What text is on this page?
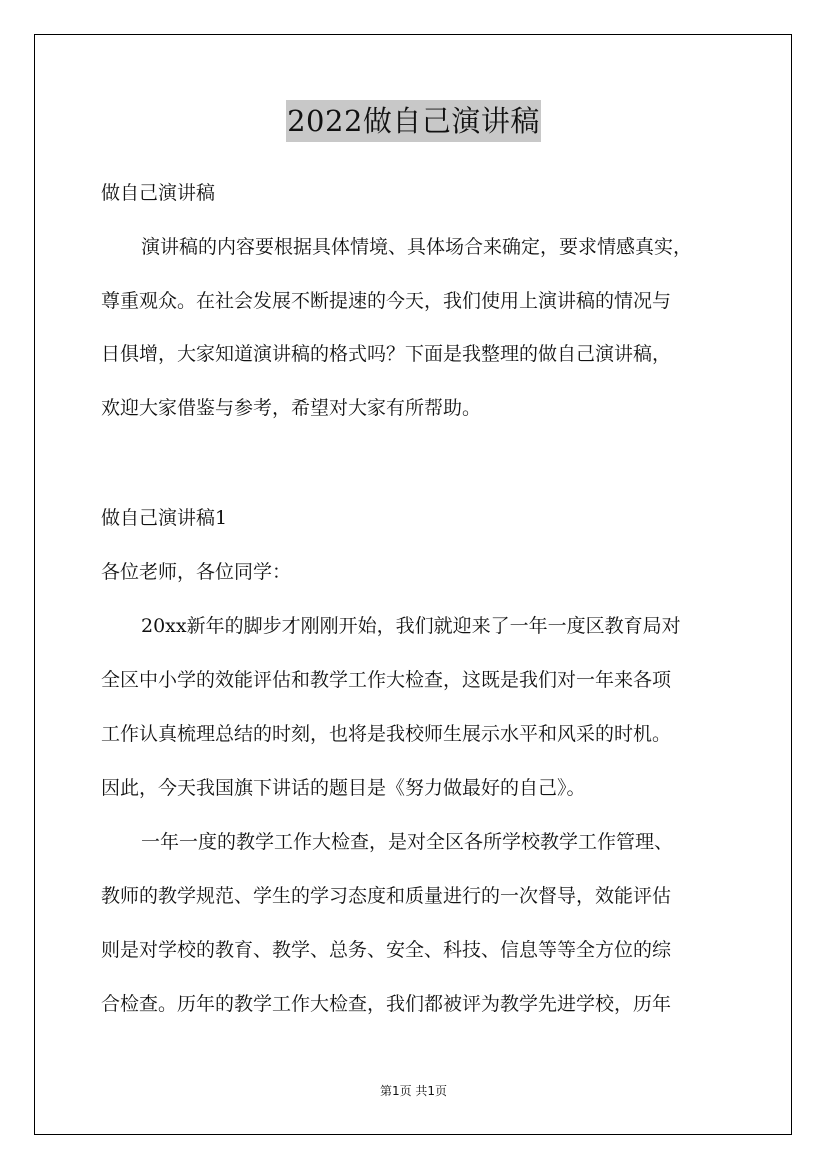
2022做自己演讲稿
做自己演讲稿
演讲稿的内容要根据具体情境、具体场合来确定，要求情感真实，
尊重观众。在社会发展不断提速的今天，我们使用上演讲稿的情况与
日俱增，大家知道演讲稿的格式吗？下面是我整理的做自己演讲稿，
欢迎大家借鉴与参考，希望对大家有所帮助。
做自己演讲稿1
各位老师，各位同学：
20xx新年的脚步才刚刚开始，我们就迎来了一年一度区教育局对
全区中小学的效能评估和教学工作大检查，这既是我们对一年来各项
工作认真梳理总结的时刻，也将是我校师生展示水平和风采的时机。
因此，今天我国旗下讲话的题目是《努力做最好的自己》。
一年一度的教学工作大检查，是对全区各所学校教学工作管理、
教师的教学规范、学生的学习态度和质量进行的一次督导，效能评估
则是对学校的教育、教学、总务、安全、科技、信息等等全方位的综
合检查。历年的教学工作大检查，我们都被评为教学先进学校，历年
第1页 共1页
